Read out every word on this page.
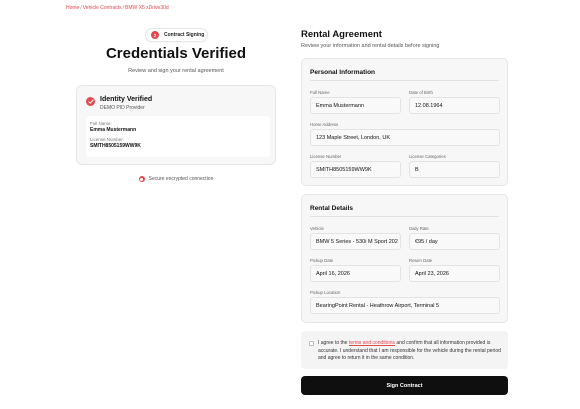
Home/Vehicle Contracts/BMW X5 xDrive30d
2	Contract Signing
Credentials Verified
Review and sign your rental agreement
Identity Verified
DEMO PID Provider
Full Name:
Emma Mustermann
License Number:
SMITH8505159WW9K
Secure encrypted connection
Rental Agreement
Review your information and rental details before signing
Personal Information
Full Name
Emma Mustermann
Date of Birth
12.08.1964
Home Address
123 Maple Street, London, UK
License Number
SMITH8505159WW9K
License Categories
B
Rental Details
Vehicle
BMW 5 Series - 530i M Sport 202
Daily Rate
€95 / day
Pickup Date
April 16, 2026
Return Date
April 23, 2026
Pickup Location
BearingPoint Rental - Heathrow Airport, Terminal 5
I agree to the terms and conditions and confirm that all information provided is accurate. I understand that I am responsible for the vehicle during the rental period and agree to return it in the same condition.
Sign Contract
